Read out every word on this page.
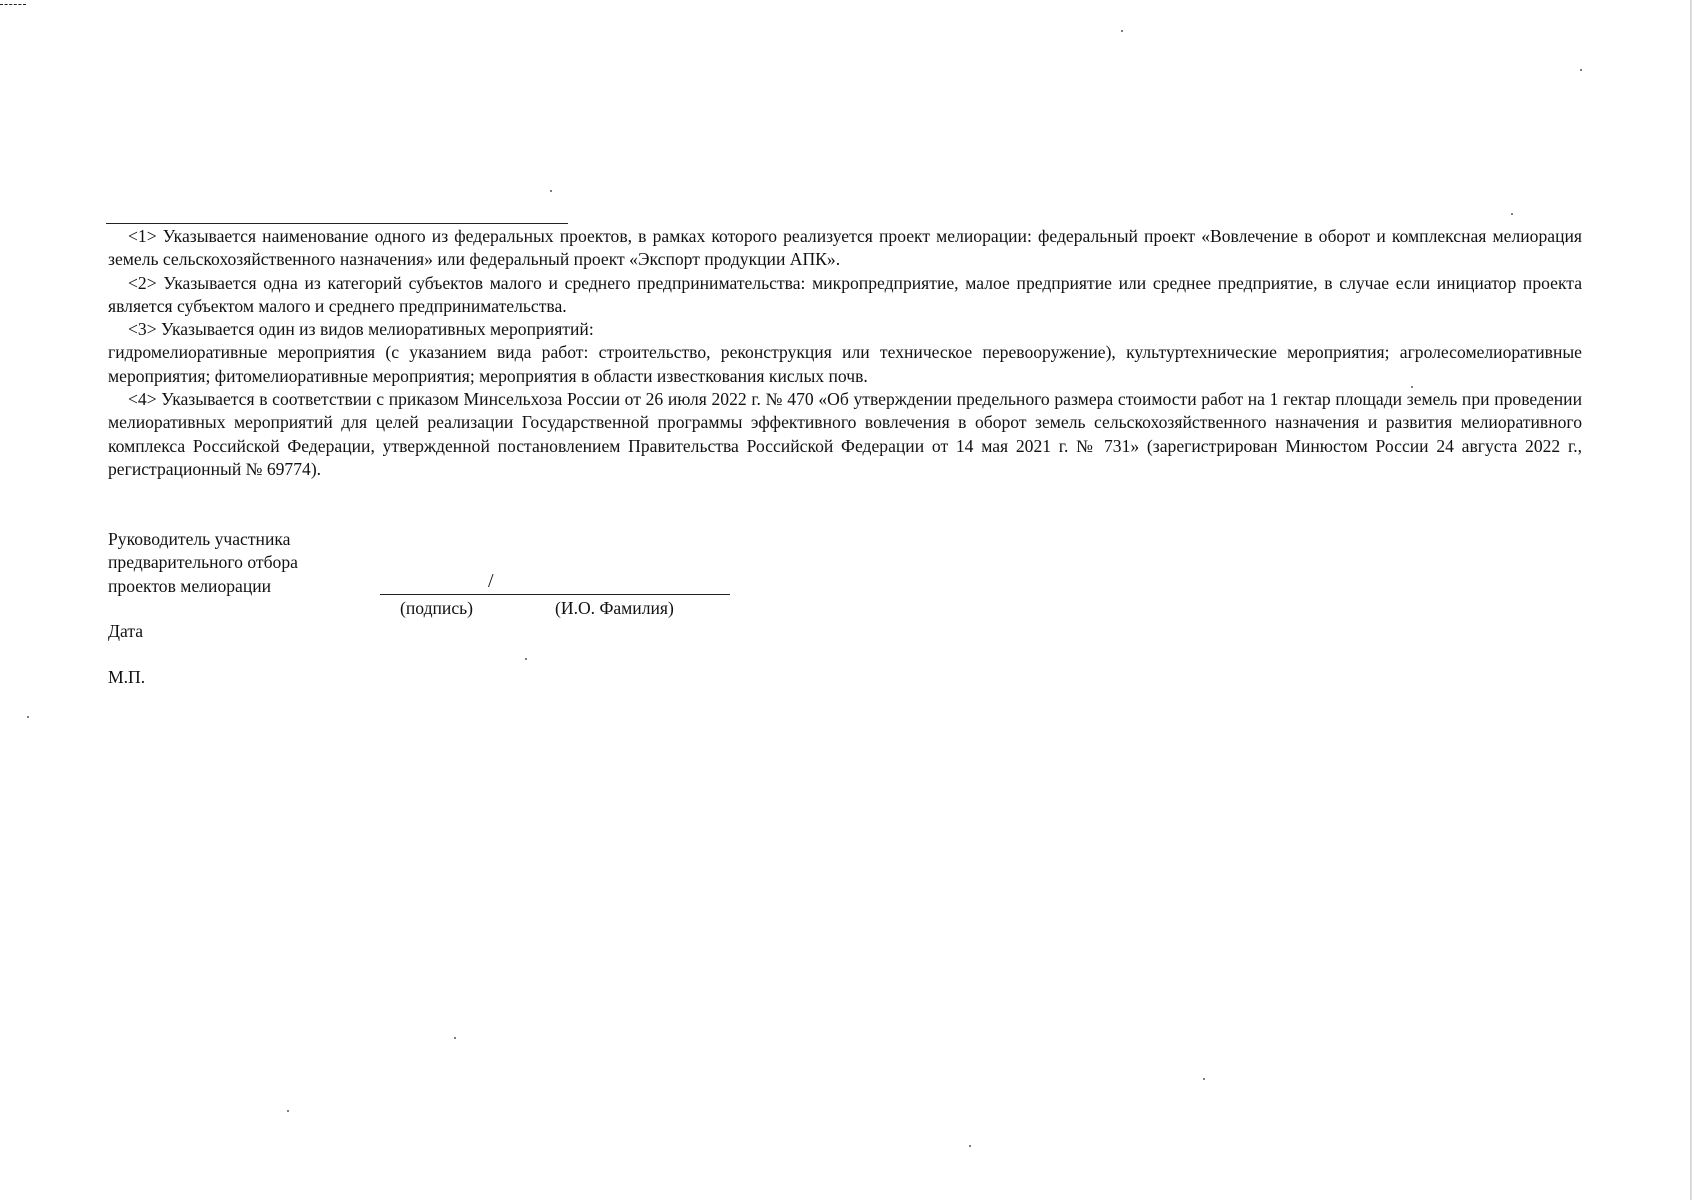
<1> Указывается наименование одного из федеральных проектов, в рамках которого реализуется проект мелиорации: федеральный проект «Вовлечение в оборот и комплексная мелиорация земель сельскохозяйственного назначения» или федеральный проект «Экспорт продукции АПК».

<2> Указывается одна из категорий субъектов малого и среднего предпринимательства: микропредприятие, малое предприятие или среднее предприятие, в случае если инициатор проекта является субъектом малого и среднего предпринимательства.

<3> Указывается один из видов мелиоративных мероприятий:

гидромелиоративные мероприятия (с указанием вида работ: строительство, реконструкция или техническое перевооружение), культуртехнические мероприятия; агролесомелиоративные мероприятия; фитомелиоративные мероприятия; мероприятия в области известкования кислых почв.

<4> Указывается в соответствии с приказом Минсельхоза России от 26 июля 2022 г. № 470 «Об утверждении предельного размера стоимости работ на 1 гектар площади земель при проведении мелиоративных мероприятий для целей реализации Государственной программы эффективного вовлечения в оборот земель сельскохозяйственного назначения и развития мелиоративного комплекса Российской Федерации, утвержденной постановлением Правительства Российской Федерации от 14 мая 2021 г. № 731» (зарегистрирован Минюстом России 24 августа 2022 г., регистрационный № 69774).

Руководитель участника

предварительного отбора

проектов мелиорации	/
(подпись)	(И.О. Фамилия)
Дата
М.П.
